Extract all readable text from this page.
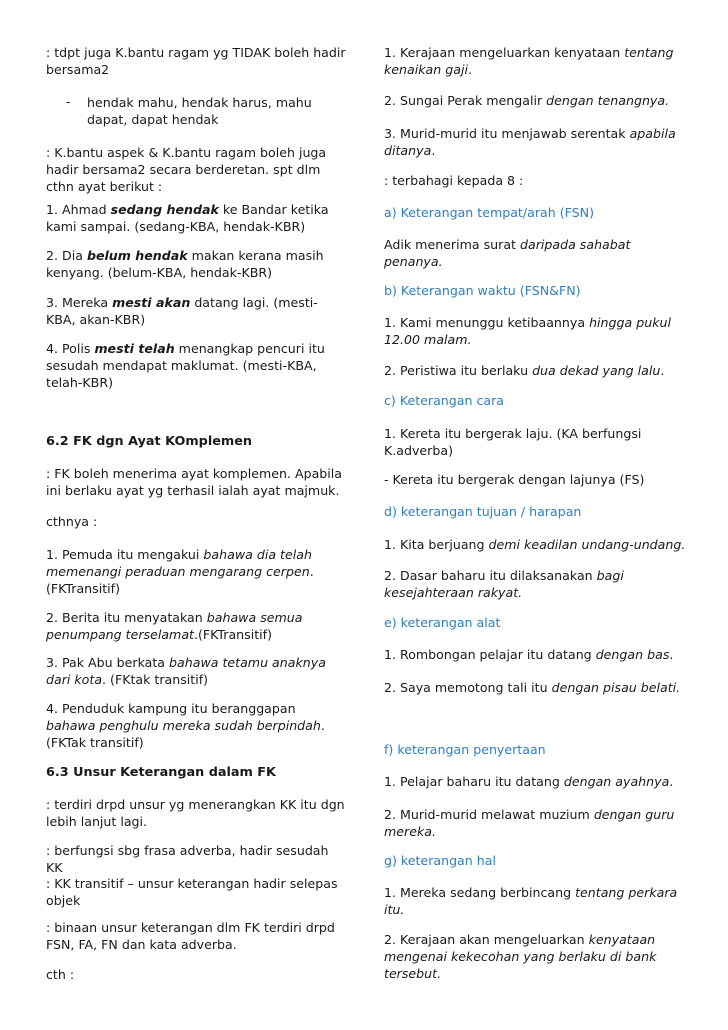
: tdpt juga K.bantu ragam yg TIDAK boleh hadir bersama2

- hendak mahu, hendak harus, mahu dapat, dapat hendak

: K.bantu aspek & K.bantu ragam boleh juga hadir bersama2 secara berderetan. spt dlm cthn ayat berikut :

1. Ahmad sedang hendak ke Bandar ketika kami sampai. (sedang-KBA, hendak-KBR)

2. Dia belum hendak makan kerana masih kenyang. (belum-KBA, hendak-KBR)

3. Mereka mesti akan datang lagi. (mesti-KBA, akan-KBR)

4. Polis mesti telah menangkap pencuri itu sesudah mendapat maklumat. (mesti-KBA, telah-KBR)

6.2 FK dgn Ayat KOmplemen

: FK boleh menerima ayat komplemen. Apabila ini berlaku ayat yg terhasil ialah ayat majmuk.

cthnya :

1. Pemuda itu mengakui bahawa dia telah memenangi peraduan mengarang cerpen. (FKTransitif)

2. Berita itu menyatakan bahawa semua penumpang terselamat.(FKTransitif)

3. Pak Abu berkata bahawa tetamu anaknya dari kota. (FKtak transitif)

4. Penduduk kampung itu beranggapan bahawa penghulu mereka sudah berpindah.(FKTak transitif)

6.3 Unsur Keterangan dalam FK

: terdiri drpd unsur yg menerangkan KK itu dgn lebih lanjut lagi.

: berfungsi sbg frasa adverba, hadir sesudah KK

: KK transitif – unsur keterangan hadir selepas objek

: binaan unsur keterangan dlm FK terdiri drpd FSN, FA, FN dan kata adverba.

cth :

1. Kerajaan mengeluarkan kenyataan tentang kenaikan gaji.

2. Sungai Perak mengalir dengan tenangnya.

3. Murid-murid itu menjawab serentak apabila ditanya.

: terbahagi kepada 8 :

a) Keterangan tempat/arah (FSN)

Adik menerima surat daripada sahabat penanya.

b) Keterangan waktu (FSN&FN)

1. Kami menunggu ketibaannya hingga pukul 12.00 malam.

2. Peristiwa itu berlaku dua dekad yang lalu.

c) Keterangan cara

1. Kereta itu bergerak laju. (KA berfungsi K.adverba)

- Kereta itu bergerak dengan lajunya (FS)

d) keterangan tujuan / harapan

1. Kita berjuang demi keadilan undang-undang.

2. Dasar baharu itu dilaksanakan bagi kesejahteraan rakyat.

e) keterangan alat

1. Rombongan pelajar itu datang dengan bas.

2. Saya memotong tali itu dengan pisau belati.

f) keterangan penyertaan

1. Pelajar baharu itu datang dengan ayahnya.

2. Murid-murid melawat muzium dengan guru mereka.

g) keterangan hal

1. Mereka sedang berbincang tentang perkara itu.

2. Kerajaan akan mengeluarkan kenyataan mengenai kekecohan yang berlaku di bank tersebut.
